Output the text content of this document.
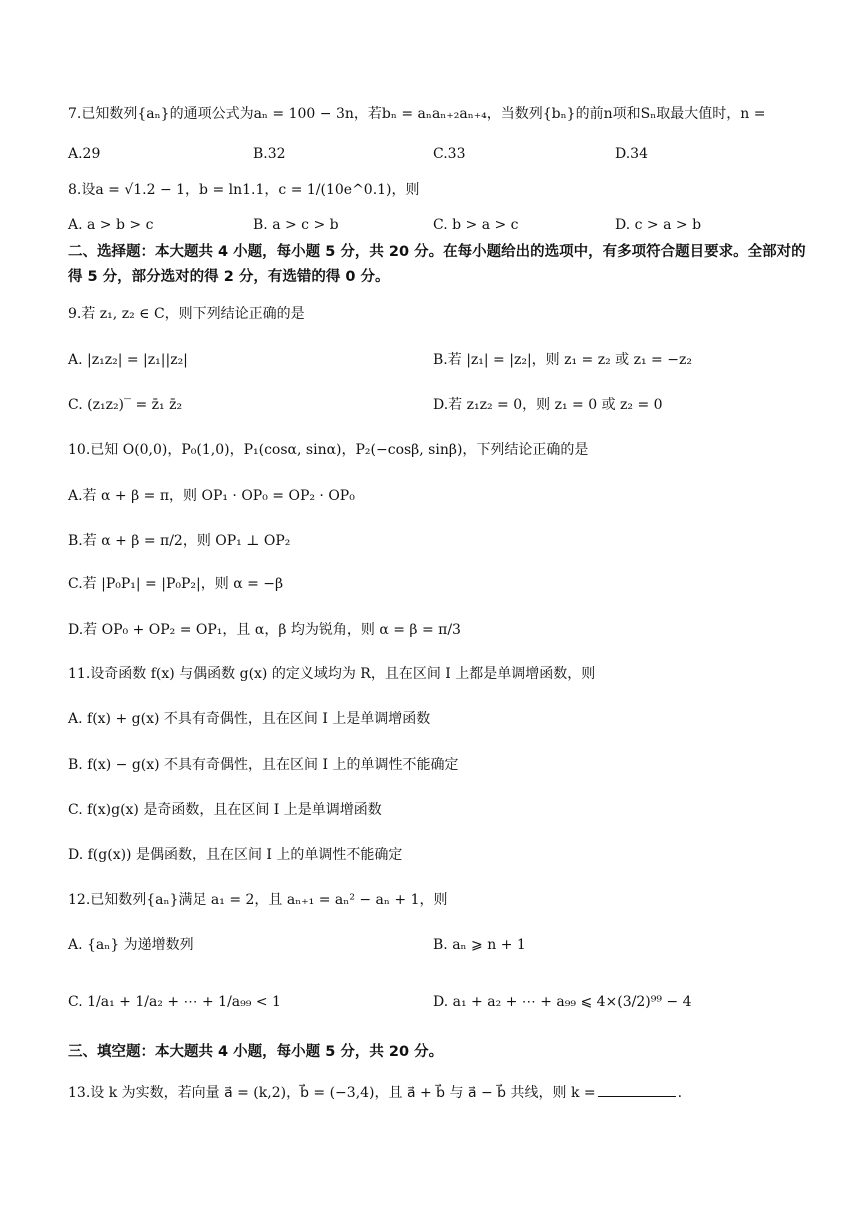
7.已知数列{aₙ}的通项公式为aₙ = 100 − 3n，若bₙ = aₙaₙ₊₂aₙ₊₄，当数列{bₙ}的前n项和Sₙ取最大值时，n =
A.29	B.32	C.33	D.34
8.设a = √1.2 − 1，b = ln1.1，c = 1/(10e^0.1)，则
A. a > b > c	B. a > c > b	C. b > a > c	D. c > a > b
二、选择题：本大题共 4 小题，每小题 5 分，共 20 分。在每小题给出的选项中，有多项符合题目要求。全部对的得 5 分，部分选对的得 2 分，有选错的得 0 分。
9.若 z₁, z₂ ∈ C，则下列结论正确的是
A. |z₁z₂| = |z₁||z₂|	B.若 |z₁| = |z₂|，则 z₁ = z₂ 或 z₁ = −z₂
C. (z₁z₂)‾ = z̄₁ z̄₂	D.若 z₁z₂ = 0，则 z₁ = 0 或 z₂ = 0
10.已知 O(0,0)，P₀(1,0)，P₁(cosα, sinα)，P₂(−cosβ, sinβ)，下列结论正确的是
A.若 α + β = π，则 OP₁ · OP₀ = OP₂ · OP₀
B.若 α + β = π/2，则 OP₁ ⊥ OP₂
C.若 |P₀P₁| = |P₀P₂|，则 α = −β
D.若 OP₀ + OP₂ = OP₁，且 α，β 均为锐角，则 α = β = π/3
11.设奇函数 f(x) 与偶函数 g(x) 的定义域均为 R，且在区间 I 上都是单调增函数，则
A. f(x) + g(x) 不具有奇偶性，且在区间 I 上是单调增函数
B. f(x) − g(x) 不具有奇偶性，且在区间 I 上的单调性不能确定
C. f(x)g(x) 是奇函数，且在区间 I 上是单调增函数
D. f(g(x)) 是偶函数，且在区间 I 上的单调性不能确定
12.已知数列{aₙ}满足 a₁ = 2，且 aₙ₊₁ = aₙ² − aₙ + 1，则
A. {aₙ} 为递增数列	B. aₙ ⩾ n + 1
C. 1/a₁ + 1/a₂ + ⋯ + 1/a₉₉ < 1	D. a₁ + a₂ + ⋯ + a₉₉ ⩽ 4×(3/2)⁹⁹ − 4
三、填空题：本大题共 4 小题，每小题 5 分，共 20 分。
13.设 k 为实数，若向量 a⃗ = (k,2)，b⃗ = (−3,4)，且 a⃗ + b⃗ 与 a⃗ − b⃗ 共线，则 k =	.
